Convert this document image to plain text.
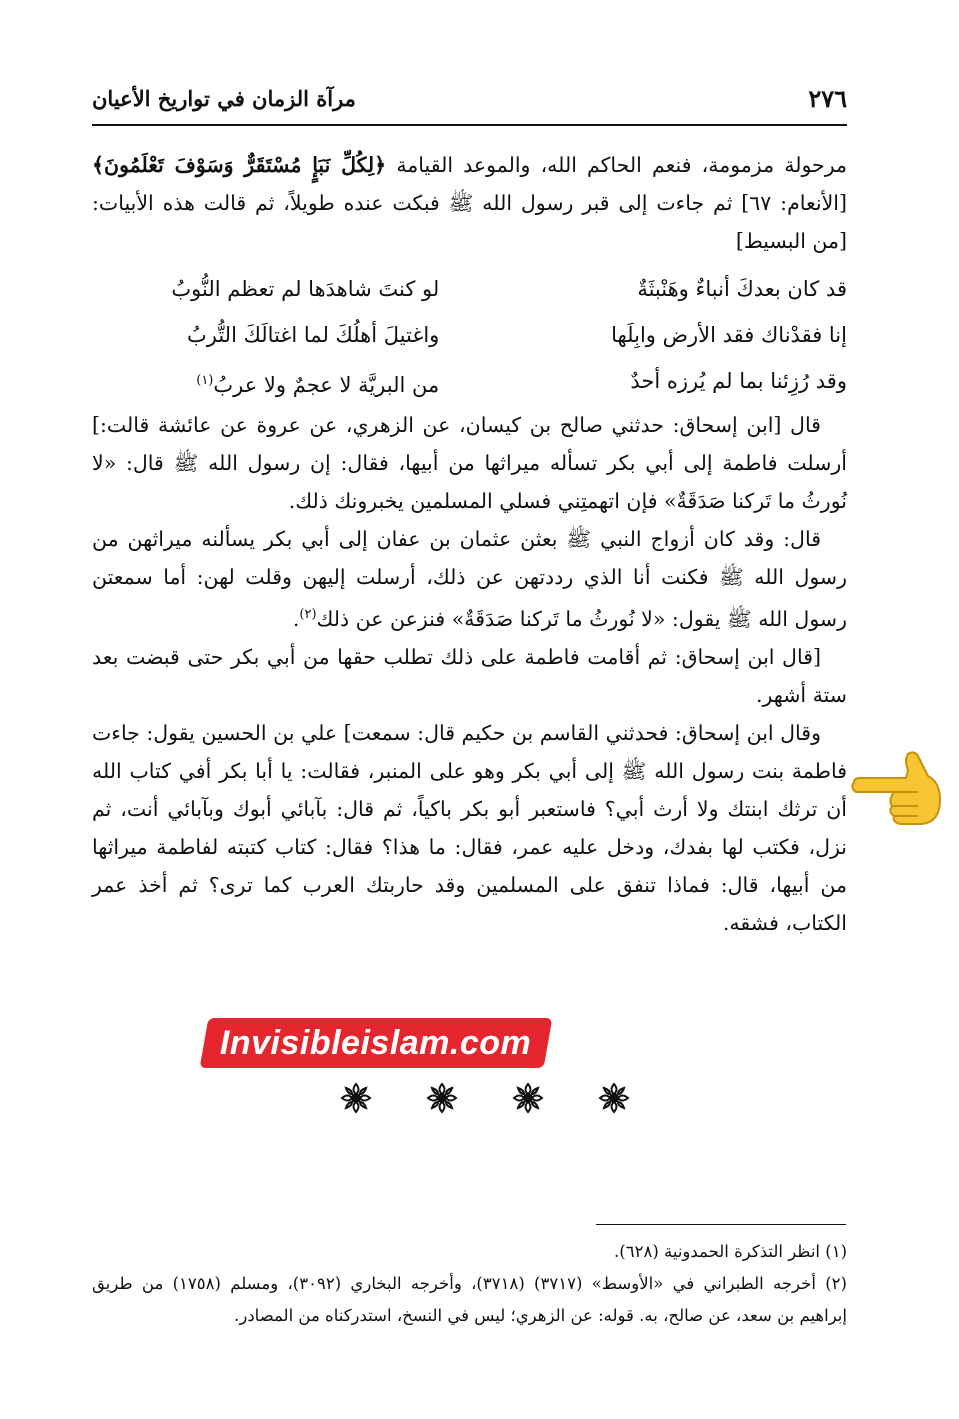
٢٧٦
مرآة الزمان في تواريخ الأعيان

مرحولة مزمومة، فنعم الحاكم الله، والموعد القيامة ﴿لِكُلِّ نَبَإٍ مُسْتَقَرٌّ وَسَوْفَ تَعْلَمُونَ﴾ [الأنعام: ٦٧] ثم جاءت إلى قبر رسول الله ﷺ فبكت عنده طويلاً، ثم قالت هذه الأبيات: [من البسيط]

قد كان بعدكَ أنباءٌ وهَنْبثَةٌ
لو كنتَ شاهدَها لم تعظم النُّوبُ
إنا فقدْناك فقد الأرض وابِلَها
واغتيلَ أهلُكَ لما اغتالَكَ التُّربُ
وقد رُزِئنا بما لم يُرزه أحدٌ
من البريَّة لا عجمٌ ولا عربُ$^{(١)}$

قال [ابن إسحاق: حدثني صالح بن كيسان، عن الزهري، عن عروة عن عائشة قالت:] أرسلت فاطمة إلى أبي بكر تسأله ميراثها من أبيها، فقال: إن رسول الله ﷺ قال: «لا نُورثُ ما تَركنا صَدَقَةٌ» فإن اتهمتِني فسلي المسلمين يخبرونك ذلك.

قال: وقد كان أزواج النبي ﷺ بعثن عثمان بن عفان إلى أبي بكر يسألنه ميراثهن من رسول الله ﷺ فكنت أنا الذي رددتهن عن ذلك، أرسلت إليهن وقلت لهن: أما سمعتن رسول الله ﷺ يقول: «لا نُورثُ ما تَركنا صَدَقَةٌ» فنزعن عن ذلك$^{(٢)}$.

[قال ابن إسحاق: ثم أقامت فاطمة على ذلك تطلب حقها من أبي بكر حتى قبضت بعد ستة أشهر.

وقال ابن إسحاق: فحدثني القاسم بن حكيم قال: سمعت] علي بن الحسين يقول: جاءت فاطمة بنت رسول الله ﷺ إلى أبي بكر وهو على المنبر، فقالت: يا أبا بكر أفي كتاب الله أن ترثك ابنتك ولا أرث أبي؟ فاستعبر أبو بكر باكياً، ثم قال: بآبائي أبوك وبآبائي أنت، ثم نزل، فكتب لها بفدك، ودخل عليه عمر، فقال: ما هذا؟ فقال: كتاب كتبته لفاطمة ميراثها من أبيها، قال: فماذا تنفق على المسلمين وقد حاربتك العرب كما ترى؟ ثم أخذ عمر الكتاب، فشقه.

Invisibleislam.com

(١) انظر التذكرة الحمدونية (٦٢٨).

(٢) أخرجه الطبراني في «الأوسط» (٣٧١٧) (٣٧١٨)، وأخرجه البخاري (٣٠٩٢)، ومسلم (١٧٥٨) من طريق إبراهيم بن سعد، عن صالح، به. قوله: عن الزهري؛ ليس في النسخ، استدركناه من المصادر.
